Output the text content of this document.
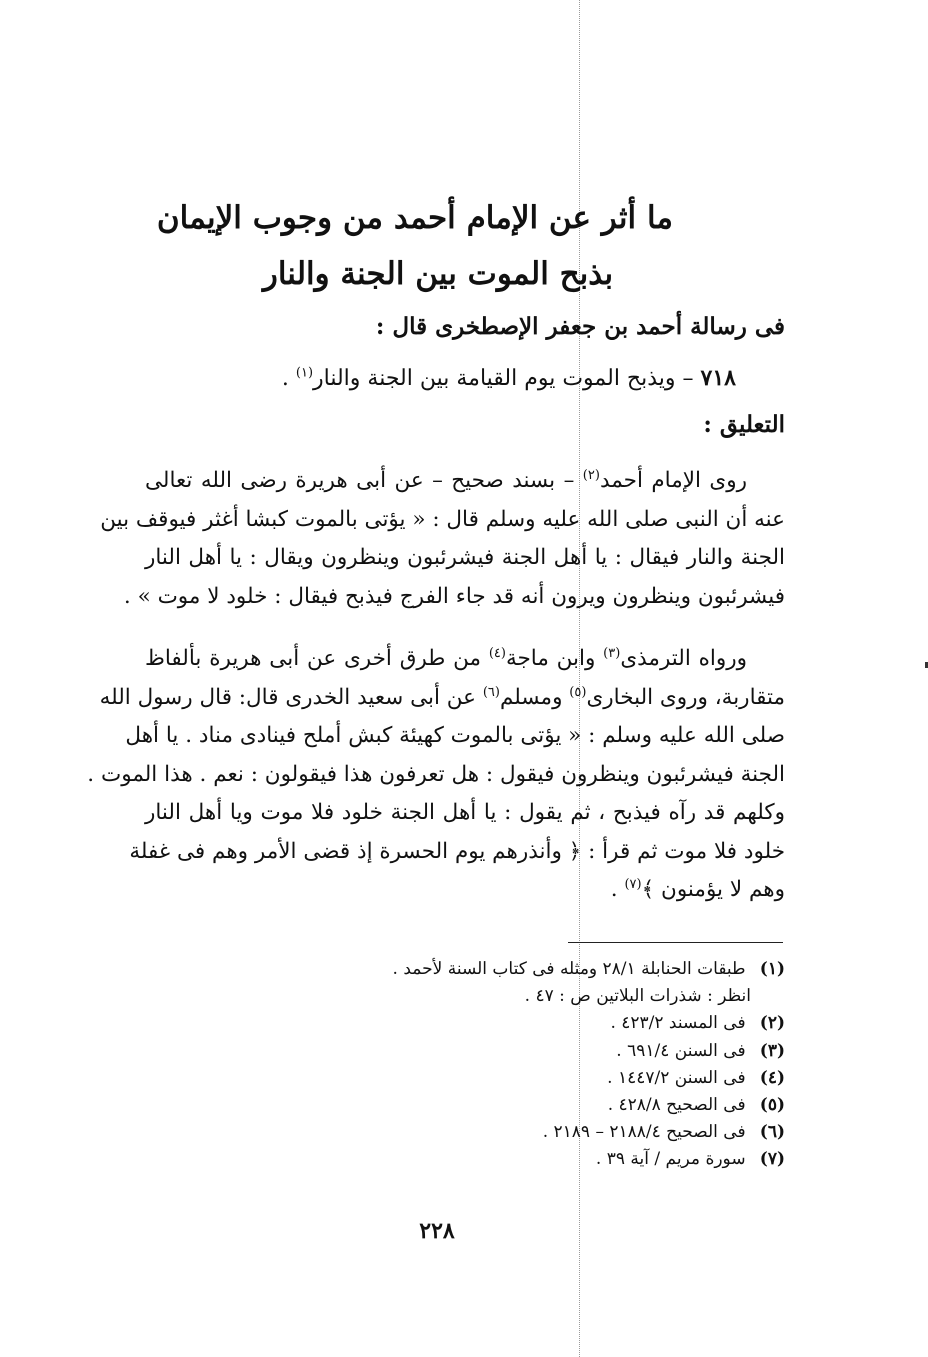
ما أثر عن الإمام أحمد من وجوب الإيمان
بذبح الموت بين الجنة والنار
فى رسالة أحمد بن جعفر الإصطخرى قال :
٧١٨ – ويذبح الموت يوم القيامة بين الجنة والنار$^{(١)}$ .
التعليق :
روى الإمام أحمد$^{(٢)}$ – بسند صحيح – عن أبى هريرة رضى الله تعالى
عنه أن النبى صلى الله عليه وسلم قال : « يؤتى بالموت كبشا أغثر فيوقف بين
الجنة والنار فيقال : يا أهل الجنة فيشرئبون وينظرون ويقال : يا أهل النار
فيشرئبون وينظرون ويرون أنه قد جاء الفرج فيذبح فيقال : خلود لا موت » .
ورواه الترمذى$^{(٣)}$ وابن ماجة$^{(٤)}$ من طرق أخرى عن أبى هريرة بألفاظ
متقاربة، وروى البخارى$^{(٥)}$ ومسلم$^{(٦)}$ عن أبى سعيد الخدرى قال: قال رسول الله
صلى الله عليه وسلم : « يؤتى بالموت كهيئة كبش أملح فينادى مناد . يا أهل
الجنة فيشرئبون وينظرون فيقول : هل تعرفون هذا فيقولون : نعم . هذا الموت .
وكلهم قد رآه فيذبح ، ثم يقول : يا أهل الجنة خلود فلا موت ويا أهل النار
خلود فلا موت ثم قرأ : ﴿ وأنذرهم يوم الحسرة إذ قضى الأمر وهم فى غفلة
وهم لا يؤمنون ﴾$^{(٧)}$ .
(١) طبقات الحنابلة ٢٨/١ ومثله فى كتاب السنة لأحمد .
انظر : شذرات البلاتين ص : ٤٧ .
(٢) فى المسند ٤٢٣/٢ .
(٣) فى السنن ٦٩١/٤ .
(٤) فى السنن ١٤٤٧/٢ .
(٥) فى الصحيح ٤٢٨/٨ .
(٦) فى الصحيح ٢١٨٨/٤ – ٢١٨٩ .
(٧) سورة مريم / آية ٣٩ .
٢٢٨
